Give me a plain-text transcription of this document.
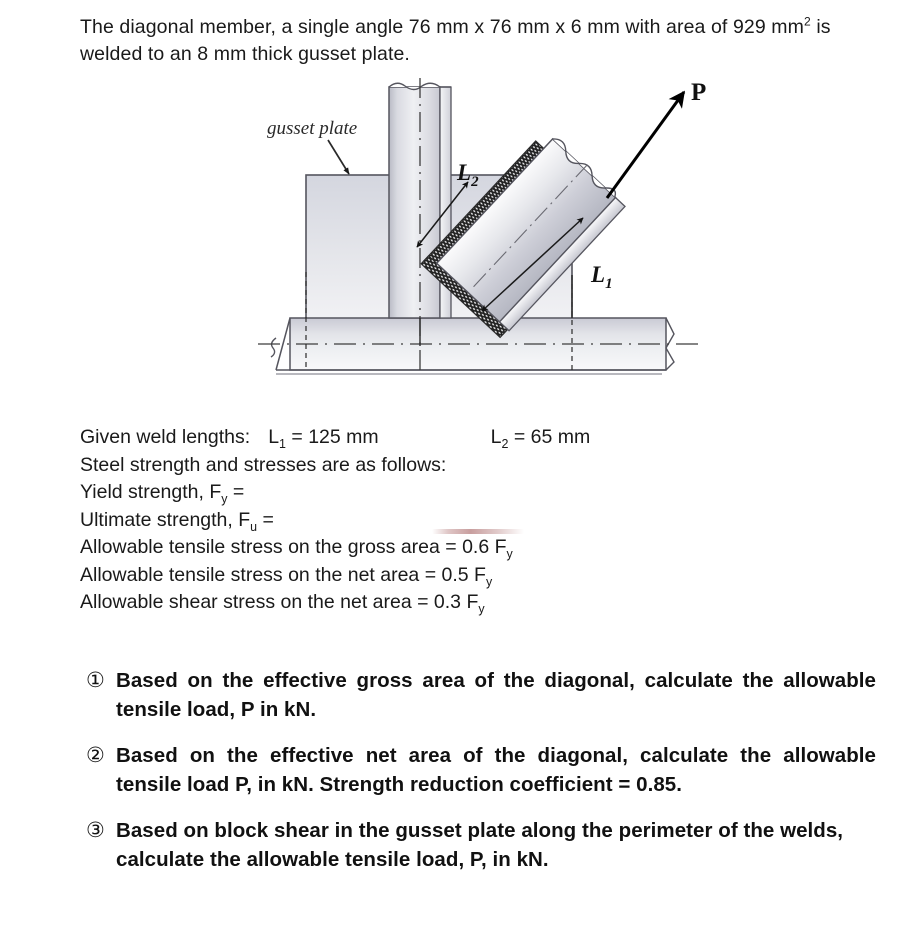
The diagonal member, a single angle 76 mm x 76 mm x 6 mm with area of 929 $mm^2$ is welded to an 8 mm thick gusset plate.
P
gusset plate
$L_2$
$L_1$
Given weld lengths: $L_1 = 125$ mm	$L_2 = 65$ mm
Steel strength and stresses are as follows:
Yield strength, $F_y$ =
Ultimate strength, $F_u$ =
Allowable tensile stress on the gross area = 0.6 $F_y$
Allowable tensile stress on the net area = 0.5 $F_y$
Allowable shear stress on the net area = 0.3 $F_y$
① Based on the effective gross area of the diagonal, calculate the allowable tensile load, P in kN.
② Based on the effective net area of the diagonal, calculate the allowable tensile load P, in kN. Strength reduction coefficient = 0.85.
③ Based on block shear in the gusset plate along the perimeter of the welds, calculate the allowable tensile load, P, in kN.
